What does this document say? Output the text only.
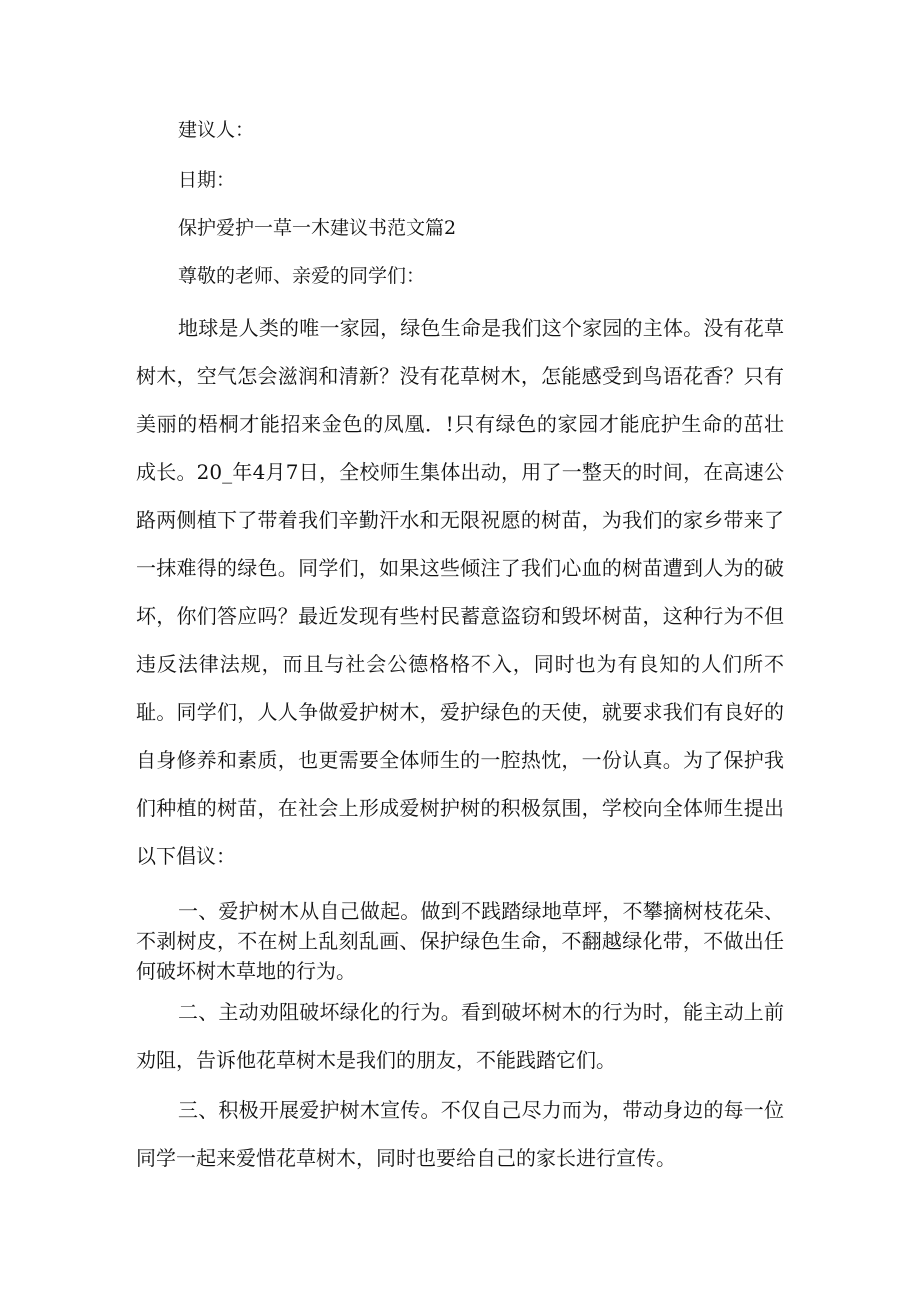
建议人：
日期：
保护爱护一草一木建议书范文篇2
尊敬的老师、亲爱的同学们：

地球是人类的唯一家园，绿色生命是我们这个家园的主体。没有花草树木，空气怎会滋润和清新？没有花草树木，怎能感受到鸟语花香？只有美丽的梧桐才能招来金色的凤凰．!只有绿色的家园才能庇护生命的茁壮成长。20_年4月7日，全校师生集体出动，用了一整天的时间，在高速公路两侧植下了带着我们辛勤汗水和无限祝愿的树苗，为我们的家乡带来了一抹难得的绿色。同学们，如果这些倾注了我们心血的树苗遭到人为的破坏，你们答应吗？最近发现有些村民蓄意盗窃和毁坏树苗，这种行为不但违反法律法规，而且与社会公德格格不入，同时也为有良知的人们所不耻。同学们，人人争做爱护树木，爱护绿色的天使，就要求我们有良好的自身修养和素质，也更需要全体师生的一腔热忱，一份认真。为了保护我们种植的树苗，在社会上形成爱树护树的积极氛围，学校向全体师生提出以下倡议：

一、爱护树木从自己做起。做到不践踏绿地草坪，不攀摘树枝花朵、不剥树皮，不在树上乱刻乱画、保护绿色生命，不翻越绿化带，不做出任何破坏树木草地的行为。

二、主动劝阻破坏绿化的行为。看到破坏树木的行为时，能主动上前劝阻，告诉他花草树木是我们的朋友，不能践踏它们。

三、积极开展爱护树木宣传。不仅自己尽力而为，带动身边的每一位同学一起来爱惜花草树木，同时也要给自己的家长进行宣传。
